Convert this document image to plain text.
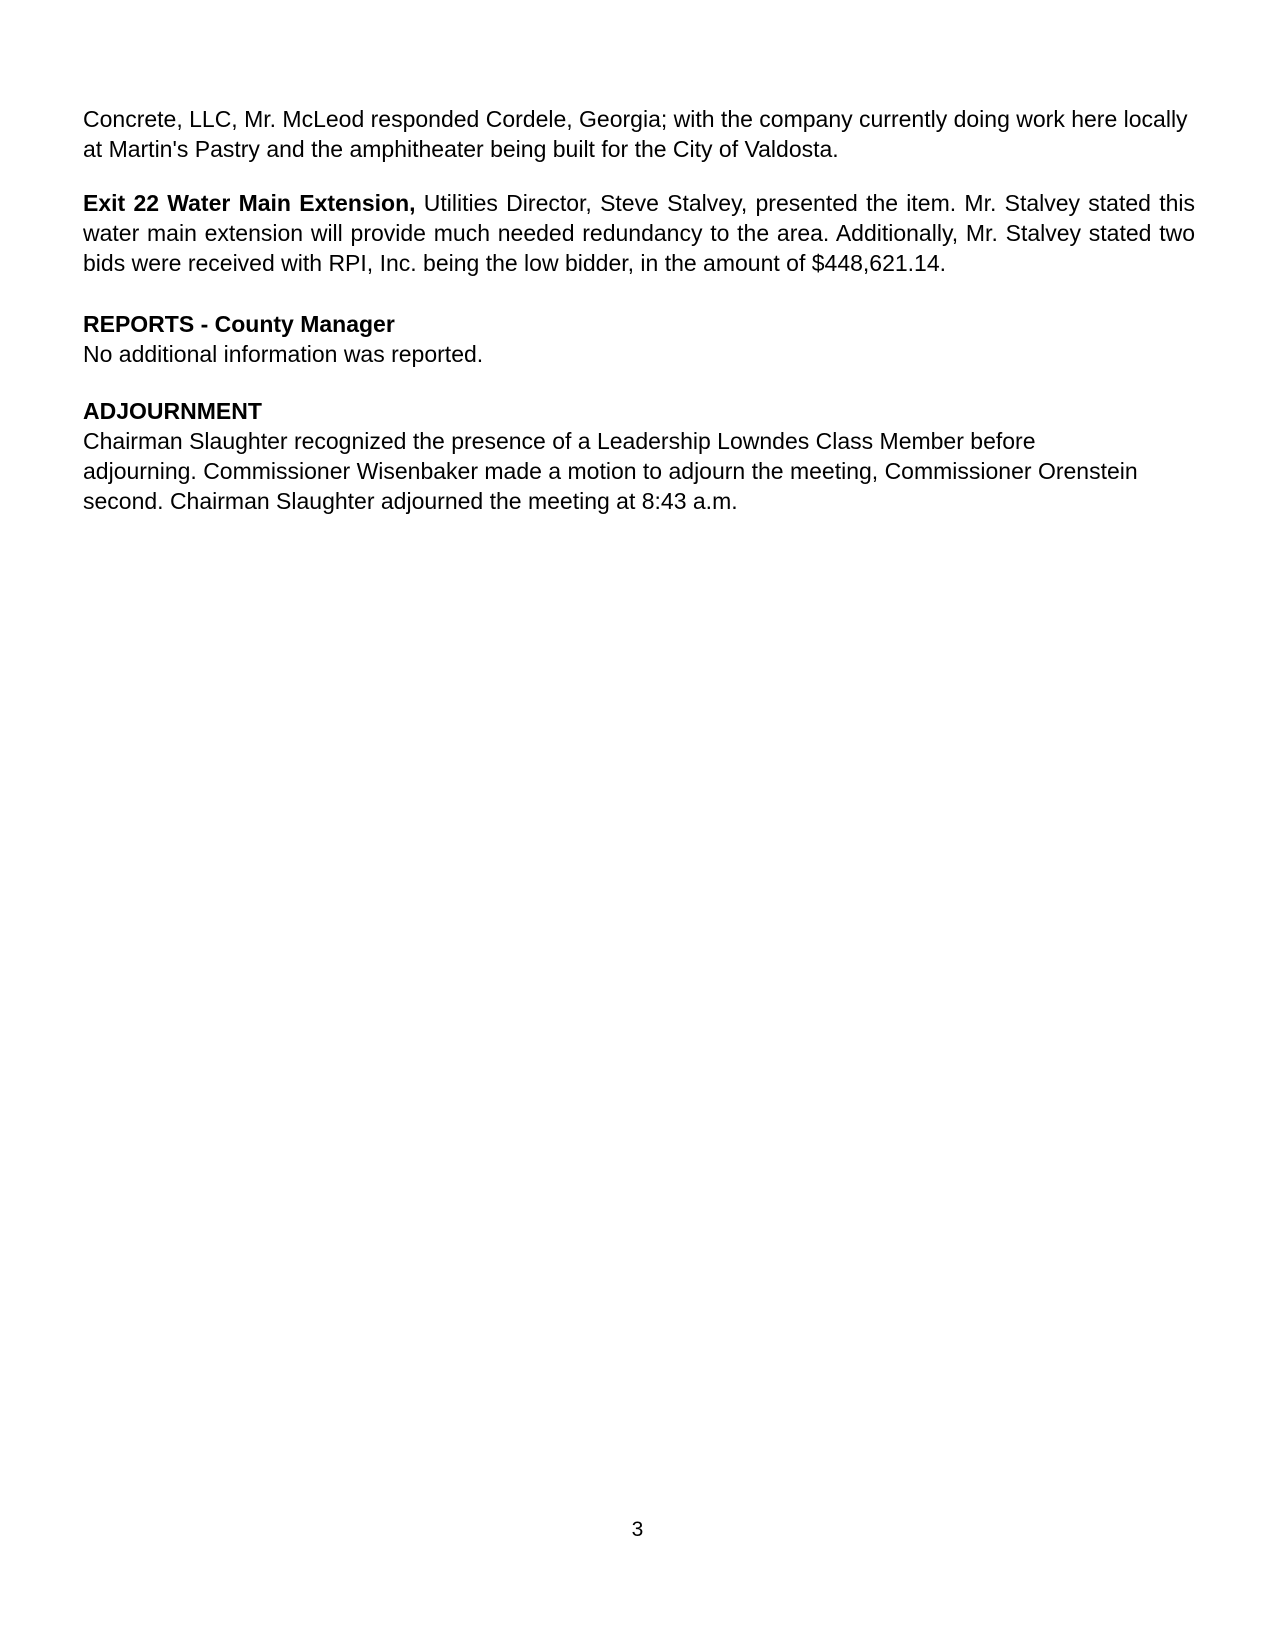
Concrete, LLC, Mr. McLeod responded Cordele, Georgia; with the company currently doing work here locally at Martin's Pastry and the amphitheater being built for the City of Valdosta.

Exit 22 Water Main Extension, Utilities Director, Steve Stalvey, presented the item. Mr. Stalvey stated this water main extension will provide much needed redundancy to the area. Additionally, Mr. Stalvey stated two bids were received with RPI, Inc. being the low bidder, in the amount of $448,621.14.

REPORTS - County Manager

No additional information was reported.

ADJOURNMENT

Chairman Slaughter recognized the presence of a Leadership Lowndes Class Member before adjourning. Commissioner Wisenbaker made a motion to adjourn the meeting, Commissioner Orenstein second. Chairman Slaughter adjourned the meeting at 8:43 a.m.

3
